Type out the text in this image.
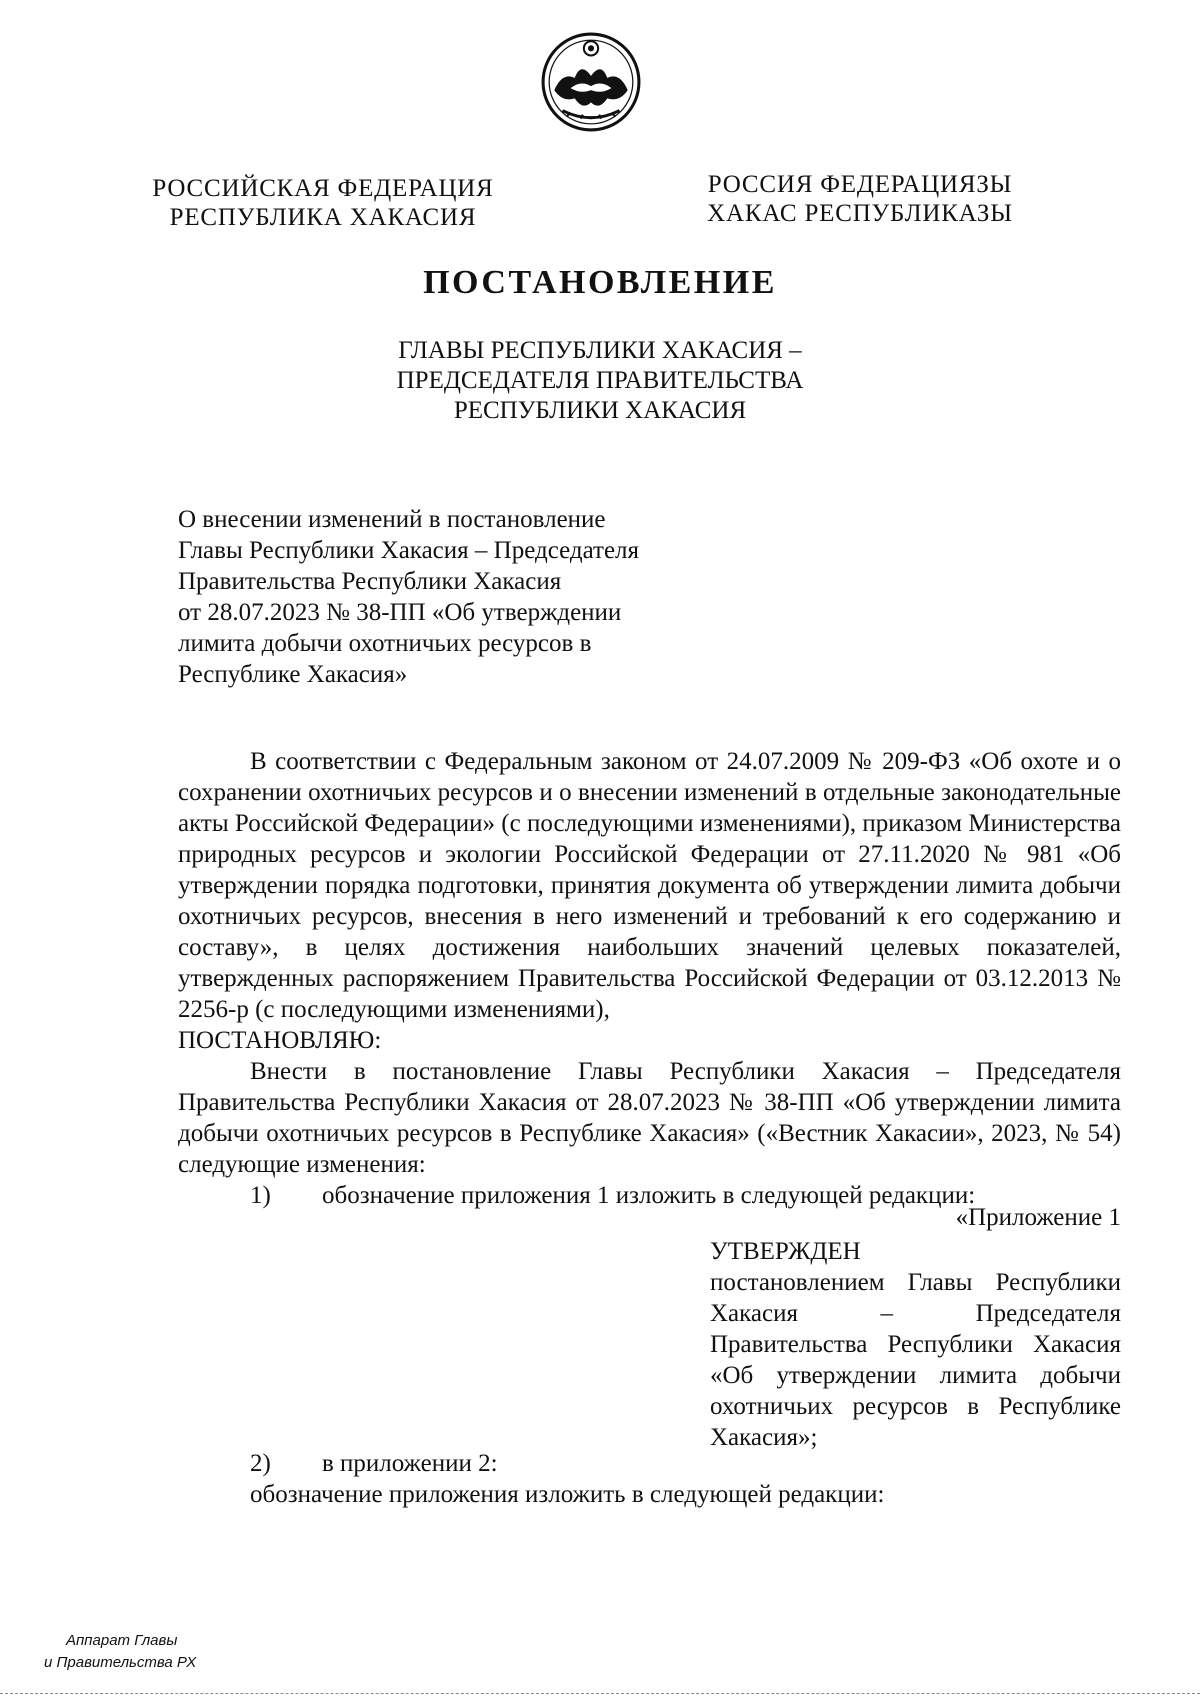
РОССИЙСКАЯ ФЕДЕРАЦИЯ
РЕСПУБЛИКА ХАКАСИЯ
РОССИЯ ФЕДЕРАЦИЯЗЫ
ХАКАС РЕСПУБЛИКАЗЫ
ПОСТАНОВЛЕНИЕ
ГЛАВЫ РЕСПУБЛИКИ ХАКАСИЯ –
ПРЕДСЕДАТЕЛЯ ПРАВИТЕЛЬСТВА
РЕСПУБЛИКИ ХАКАСИЯ
О внесении изменений в постановление
Главы Республики Хакасия – Председателя
Правительства Республики Хакасия
от 28.07.2023 № 38-ПП «Об утверждении
лимита добычи охотничьих ресурсов в
Республике Хакасия»

В соответствии с Федеральным законом от 24.07.2009 № 209-ФЗ «Об охоте и о сохранении охотничьих ресурсов и о внесении изменений в отдельные законодательные акты Российской Федерации» (с последующими изменениями), приказом Министерства природных ресурсов и экологии Российской Федерации от 27.11.2020 № 981 «Об утверждении порядка подготовки, принятия документа об утверждении лимита добычи охотничьих ресурсов, внесения в него изменений и требований к его содержанию и составу», в целях достижения наибольших значений целевых показателей, утвержденных распоряжением Правительства Российской Федерации от 03.12.2013 № 2256-р (с последующими изменениями),

ПОСТАНОВЛЯЮ:

Внести в постановление Главы Республики Хакасия – Председателя Правительства Республики Хакасия от 28.07.2023 № 38-ПП «Об утверждении лимита добычи охотничьих ресурсов в Республике Хакасия» («Вестник Хакасии», 2023, № 54) следующие изменения:

1) обозначение приложения 1 изложить в следующей редакции:
«Приложение 1
УТВЕРЖДЕН
постановлением Главы Республики Хакасия – Председателя Правительства Республики Хакасия «Об утверждении лимита добычи охотничьих ресурсов в Республике Хакасия»;
2) в приложении 2:
обозначение приложения изложить в следующей редакции:
Аппарат Главы
и Правительства РХ
